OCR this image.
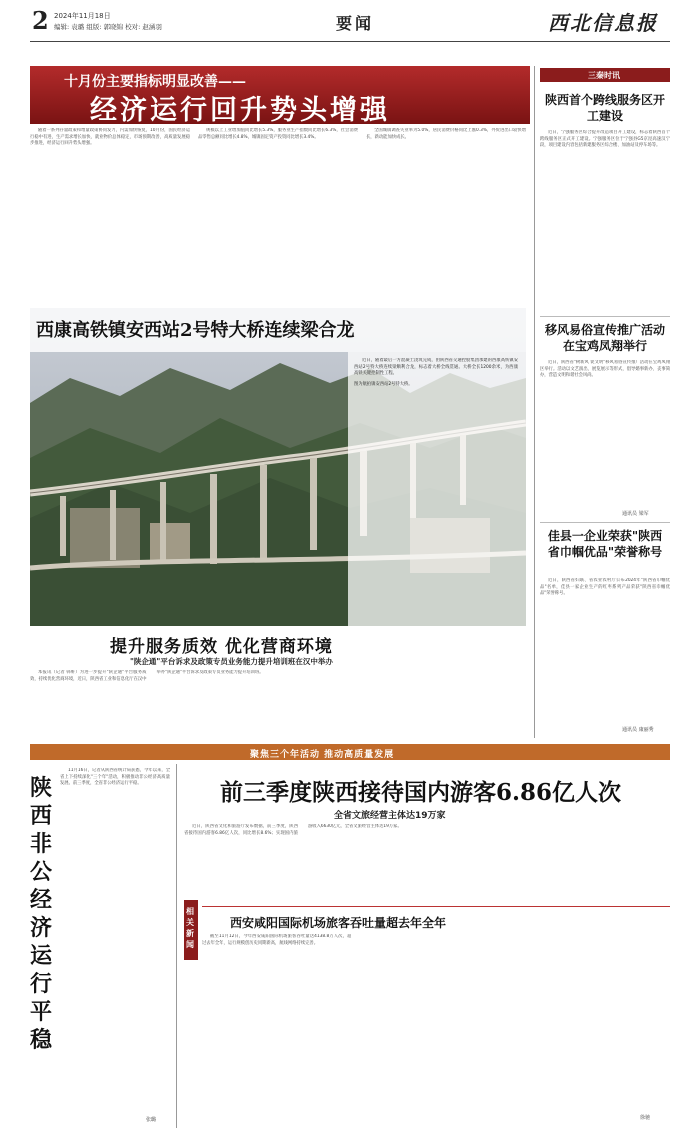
2 2024年11月18日
编辑: 袁璐 组版: 郭晓锦 校对: 赵涵羽	要闻	西北信息报
十月份主要指标明显改善——
经济运行回升势头增强

随着一系列存量政策和增量政策协同发力，内需加快恢复，10月份，国民经济运行稳中有进，生产需求增长加快，就业物价总体稳定，市场预期改善，高质量发展稳步推进，经济运行回升势头增强。

规模以上工业增加值同比增长5.3%，服务业生产指数同比增长6.3%，社会消费品零售总额同比增长4.8%，城镇固定资产投资同比增长3.4%。

全国城镇调查失业率为5.0%，居民消费价格同比上涨0.3%，外贸进出口较快增长，新动能加快成长。

西康高铁镇安西站2号特大桥连续梁合龙

近日，随着最后一方混凝土浇筑完成，由陕西省交通控股集团承建的西康高铁镇安西站2号特大桥连续梁顺利合龙，标志着大桥全线贯通。大桥全长1200余米，为西康高铁关键控制性工程。

图为航拍镇安西站2号特大桥。

提升服务质效 优化营商环境
"陕企通"平台诉求及政策专员业务能力提升培训班在汉中举办

本报讯（记者 韩軒）为进一步提升"陕企通"平台服务质效，持续优化营商环境，近日，陕西省工业和信息化厅在汉中举办"陕企通"平台诉求及政策专员业务能力提升培训班。

三秦时讯
陕西首个跨线服务区开工建设

近日，宁强服务区综合提升改造项目开工建设，标志着陕西首个跨线服务区正式开工建设。宁强服务区位于宁强县G5京昆高速汉宁段，项目建设内容包括新建服务区综合楼、加油站及停车场等。

移风易俗宣传推广活动在宝鸡凤翔举行

近日，陕西省"树新风 促文明"移风易俗宣传推广活动在宝鸡凤翔区举行。活动以文艺演出、展览展示等形式，倡导婚事新办、丧事简办，营造文明和谐社会风尚。

通讯员 梁军
佳县一企业荣获"陕西省巾帼优品"荣誉称号

近日，陕西省妇联、省农业农村厅公布2024年"陕西省巾帼优品"名单，佳县一家企业生产的红枣系列产品荣获"陕西省巾帼优品"荣誉称号。

通讯员 康丽秀
聚焦三个年活动 推动高质量发展
陕西非公经济运行平稳

11月16日，记者从陕西省统计局获悉，今年以来，全省上下持续深化"三个年"活动，积极推动非公经济高质量发展。前三季度，全省非公经济运行平稳。

张璐
前三季度陕西接待国内游客6.86亿人次
全省文旅经营主体达19万家

近日，陕西省文化和旅游厅发布数据，前三季度，陕西省接待国内游客6.86亿人次，同比增长8.6%；实现国内旅游收入6630亿元，全省文旅经营主体达19万家。

相关新闻
西安咸阳国际机场旅客吞吐量超去年全年

截至11月12日，今年西安咸阳国际机场旅客吞吐量达4138.8万人次，超过去年全年，运行规模创历史同期新高，航线网络持续完善。

徐驰
